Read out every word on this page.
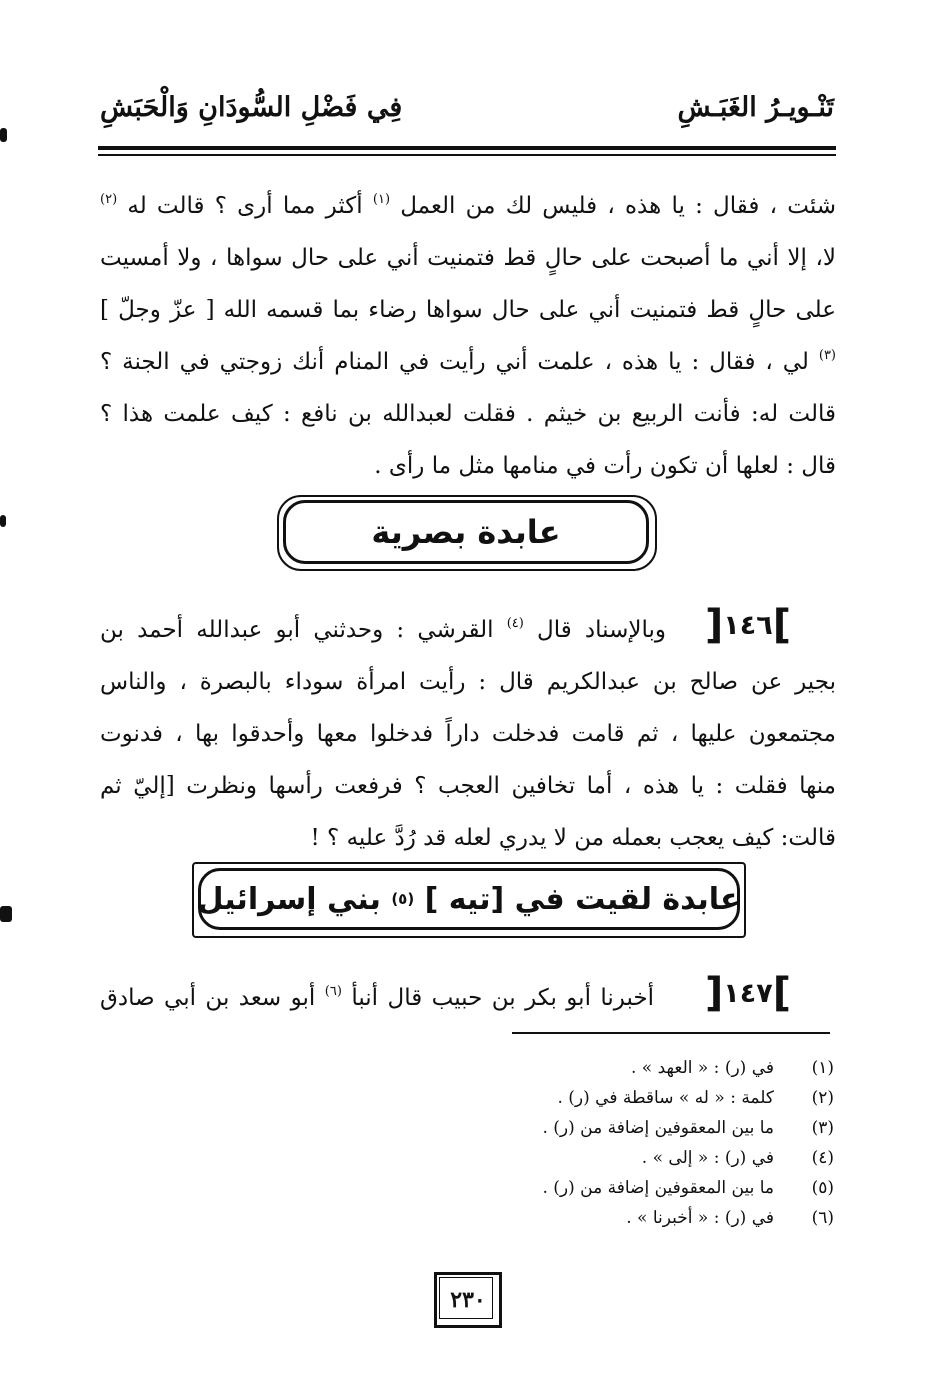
تَنْـويـرُ الغَبَـشِ
فِي فَضْلِ السُّودَانِ وَالْحَبَشِ
شئت ، فقال : يا هذه ، فليس لك من العمل $^{(١)}$ أكثر مما أرى ؟ قالت له $^{(٢)}$
لا، إلا أني ما أصبحت على حالٍ قط فتمنيت أني على حال سواها ، ولا أمسيت
على حالٍ قط فتمنيت أني على حال سواها رضاء بما قسمه الله [ عزّ وجلّ ]
$^{(٣)}$ لي ، فقال : يا هذه ، علمت أني رأيت في المنام أنك زوجتي في الجنة ؟
قالت له: فأنت الربيع بن خيثم . فقلت لعبدالله بن نافع : كيف علمت هذا ؟
قال : لعلها أن تكون رأت في منامها مثل ما رأى .
عابدة بصرية
]
١٤٦
[
وبالإسناد قال $^{(٤)}$ القرشي : وحدثني أبو عبدالله أحمد بن
بجير عن صالح بن عبدالكريم قال : رأيت امرأة سوداء بالبصرة ، والناس
مجتمعون عليها ، ثم قامت فدخلت داراً فدخلوا معها وأحدقوا بها ، فدنوت
منها فقلت : يا هذه ، أما تخافين العجب ؟ فرفعت رأسها ونظرت [إليّ ثم
قالت: كيف يعجب بعمله من لا يدري لعله قد رُدَّ عليه ؟ !
عابدة لقيت في [تيه ]

(٥)

بني إسرائيل
]
١٤٧
[
أخبرنا أبو بكر بن حبيب قال أنبأ $^{(٦)}$ أبو سعد بن أبي صادق
(١)
في (ر) : « العهد » .
(٢)
كلمة : « له » ساقطة في (ر) .
(٣)
ما بين المعقوفين إضافة من (ر) .
(٤)
في (ر) : « إلى » .
(٥)
ما بين المعقوفين إضافة من (ر) .
(٦)
في (ر) : « أخبرنا » .
٢٣٠
